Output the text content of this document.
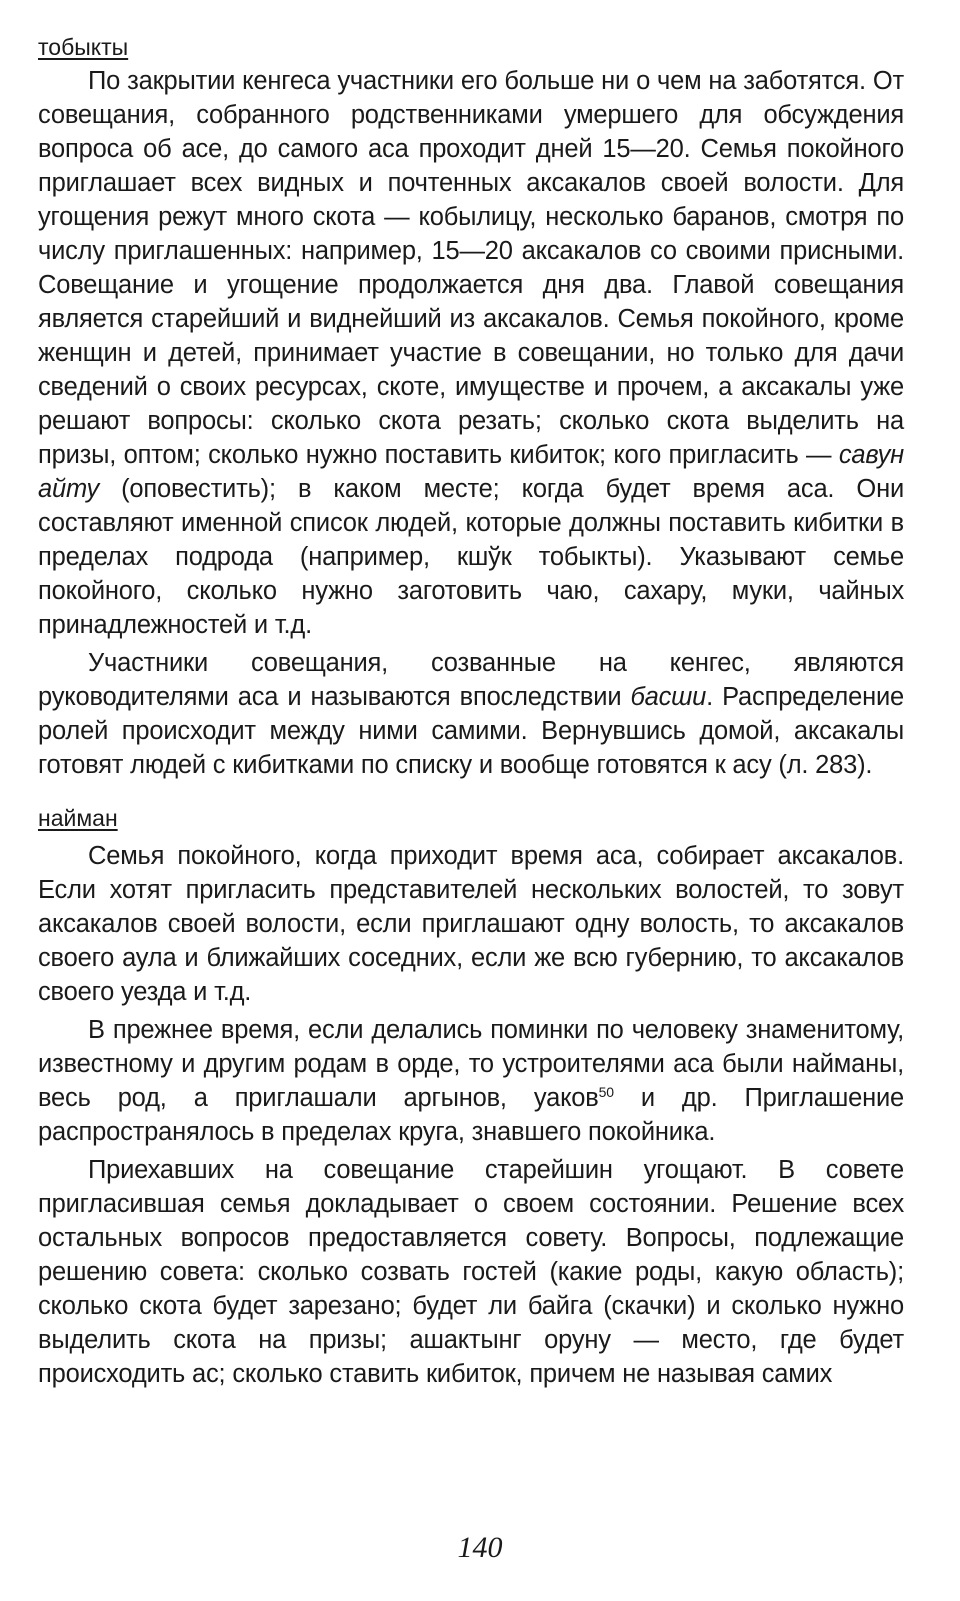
тобыкты

По закрытии кенгеса участники его больше ни о чем на заботятся. От совещания, собранного родственниками умершего для обсуждения вопроса об асе, до самого аса проходит дней 15—20. Семья покойного приглашает всех видных и почтенных аксакалов своей волости. Для угощения режут много скота — кобылицу, несколько баранов, смотря по числу приглашенных: например, 15—20 аксакалов со своими присными. Совещание и угощение продолжается дня два. Главой совещания является старейший и виднейший из аксакалов. Семья покойного, кроме женщин и детей, принимает участие в совещании, но только для дачи сведений о своих ресурсах, скоте, имуществе и прочем, а аксакалы уже решают вопросы: сколько скота резать; сколько скота выделить на призы, оптом; сколько нужно поставить кибиток; кого пригласить — савун айту (оповестить); в каком месте; когда будет время аса. Они составляют именной список людей, которые должны поставить кибитки в пределах подрода (например, кшўк тобыкты). Указывают семье покойного, сколько нужно заготовить чаю, сахару, муки, чайных принадлежностей и т.д.

Участники совещания, созванные на кенгес, являются руководителями аса и называются впоследствии басши. Распределение ролей происходит между ними самими. Вернувшись домой, аксакалы готовят людей с кибитками по списку и вообще готовятся к асу (л. 283).

найман

Семья покойного, когда приходит время аса, собирает аксакалов. Если хотят пригласить представителей нескольких волостей, то зовут аксакалов своей волости, если приглашают одну волость, то аксакалов своего аула и ближайших соседних, если же всю губернию, то аксакалов своего уезда и т.д.

В прежнее время, если делались поминки по человеку знаменитому, известному и другим родам в орде, то устроителями аса были найманы, весь род, а приглашали аргынов, уаков$^{50}$ и др. Приглашение распространялось в пределах круга, знавшего покойника.

Приехавших на совещание старейшин угощают. В совете пригласившая семья докладывает о своем состоянии. Решение всех остальных вопросов предоставляется совету. Вопросы, подлежащие решению совета: сколько созвать гостей (какие роды, какую область); сколько скота будет зарезано; будет ли байга (скачки) и сколько нужно выделить скота на призы; ашактынг оруну — место, где будет происходить ас; сколько ставить кибиток, причем не называя самих

140
